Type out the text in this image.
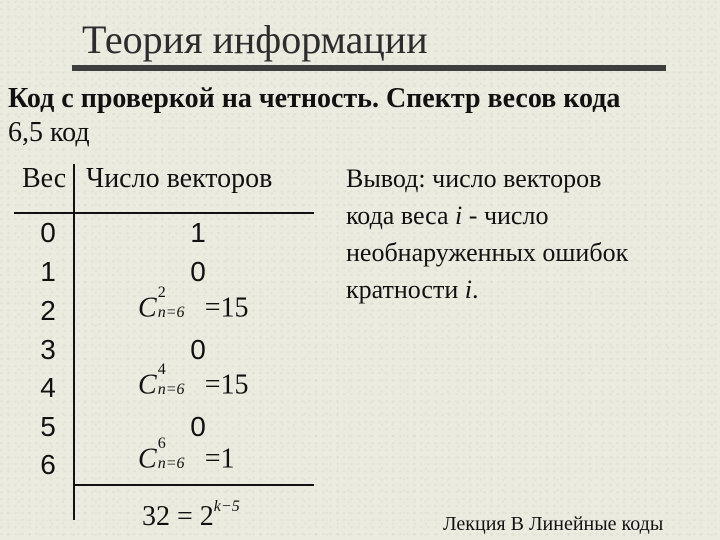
Теория информации
Код с проверкой на четность. Спектр весов кода
6,5 код
Вес Число векторов
0
1
2
3
4
5
6
1
0
0
0
C 2
n=6 =15
C 4
n=6 =15
C 6
n=6 =1
$32 = 2^{k-5}$
Вывод: число векторов
кода веса i - число
необнаруженных ошибок
кратности i.
Лекция В Линейные коды
